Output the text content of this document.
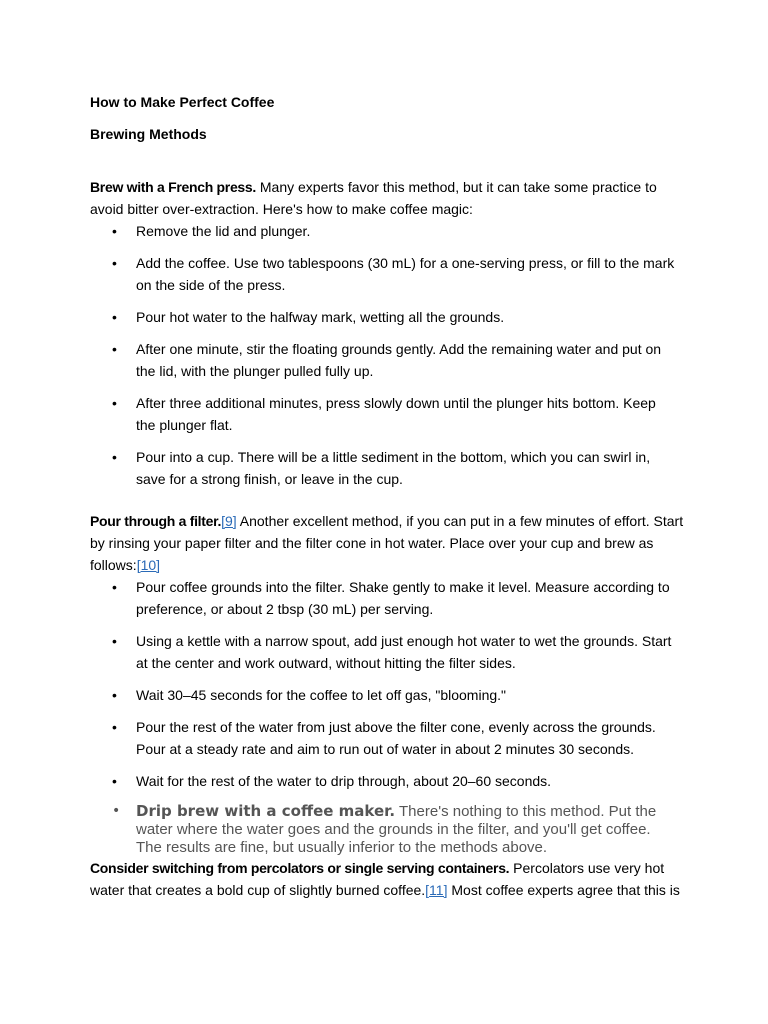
How to Make Perfect Coffee

Brewing Methods

Brew with a French press. Many experts favor this method, but it can take some practice to avoid bitter over-extraction. Here's how to make coffee magic:

• Remove the lid and plunger.
• Add the coffee. Use two tablespoons (30 mL) for a one-serving press, or fill to the mark on the side of the press.
• Pour hot water to the halfway mark, wetting all the grounds.
• After one minute, stir the floating grounds gently. Add the remaining water and put on the lid, with the plunger pulled fully up.
• After three additional minutes, press slowly down until the plunger hits bottom. Keep the plunger flat.
• Pour into a cup. There will be a little sediment in the bottom, which you can swirl in, save for a strong finish, or leave in the cup.

Pour through a filter.[9] Another excellent method, if you can put in a few minutes of effort. Start by rinsing your paper filter and the filter cone in hot water. Place over your cup and brew as follows:[10]

• Pour coffee grounds into the filter. Shake gently to make it level. Measure according to preference, or about 2 tbsp (30 mL) per serving.
• Using a kettle with a narrow spout, add just enough hot water to wet the grounds. Start at the center and work outward, without hitting the filter sides.
• Wait 30–45 seconds for the coffee to let off gas, "blooming."
• Pour the rest of the water from just above the filter cone, evenly across the grounds. Pour at a steady rate and aim to run out of water in about 2 minutes 30 seconds.
• Wait for the rest of the water to drip through, about 20–60 seconds.
• Drip brew with a coffee maker. There's nothing to this method. Put the water where the water goes and the grounds in the filter, and you'll get coffee. The results are fine, but usually inferior to the methods above.

Consider switching from percolators or single serving containers. Percolators use very hot water that creates a bold cup of slightly burned coffee.[11] Most coffee experts agree that this is
